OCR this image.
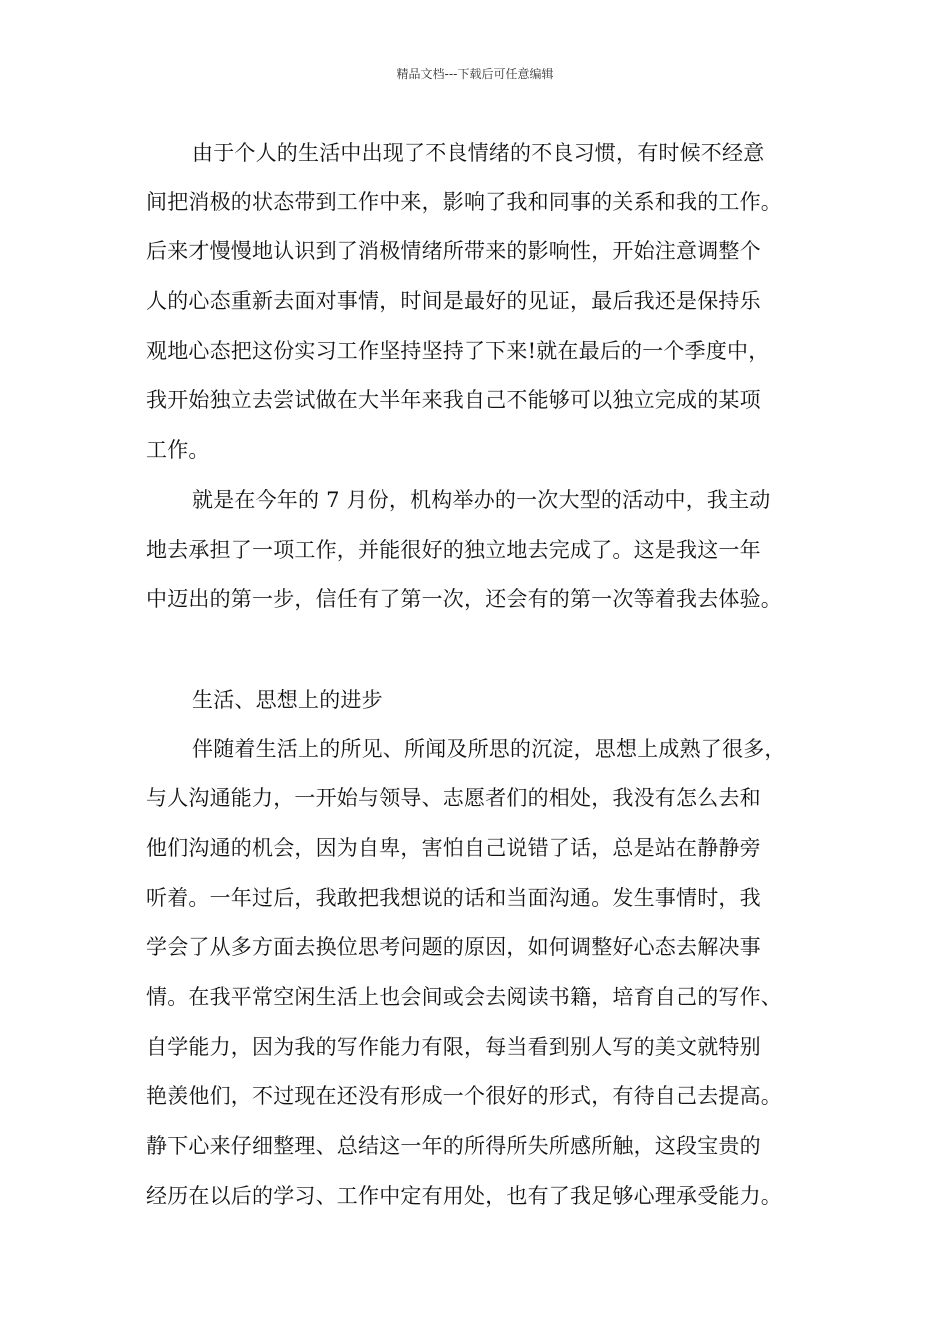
精品文档---下载后可任意编辑
由于个人的生活中出现了不良情绪的不良习惯，有时候不经意
间把消极的状态带到工作中来，影响了我和同事的关系和我的工作。
后来才慢慢地认识到了消极情绪所带来的影响性，开始注意调整个
人的心态重新去面对事情，时间是最好的见证，最后我还是保持乐
观地心态把这份实习工作坚持坚持了下来!就在最后的一个季度中，
我开始独立去尝试做在大半年来我自己不能够可以独立完成的某项
工作。
就是在今年的 7 月份，机构举办的一次大型的活动中，我主动
地去承担了一项工作，并能很好的独立地去完成了。这是我这一年
中迈出的第一步，信任有了第一次，还会有的第一次等着我去体验。
生活、思想上的进步
伴随着生活上的所见、所闻及所思的沉淀，思想上成熟了很多，
与人沟通能力，一开始与领导、志愿者们的相处，我没有怎么去和
他们沟通的机会，因为自卑，害怕自己说错了话，总是站在静静旁
听着。一年过后，我敢把我想说的话和当面沟通。发生事情时，我
学会了从多方面去换位思考问题的原因，如何调整好心态去解决事
情。在我平常空闲生活上也会间或会去阅读书籍，培育自己的写作、
自学能力，因为我的写作能力有限，每当看到别人写的美文就特别
艳羡他们，不过现在还没有形成一个很好的形式，有待自己去提高。
静下心来仔细整理、总结这一年的所得所失所感所触，这段宝贵的
经历在以后的学习、工作中定有用处，也有了我足够心理承受能力。
